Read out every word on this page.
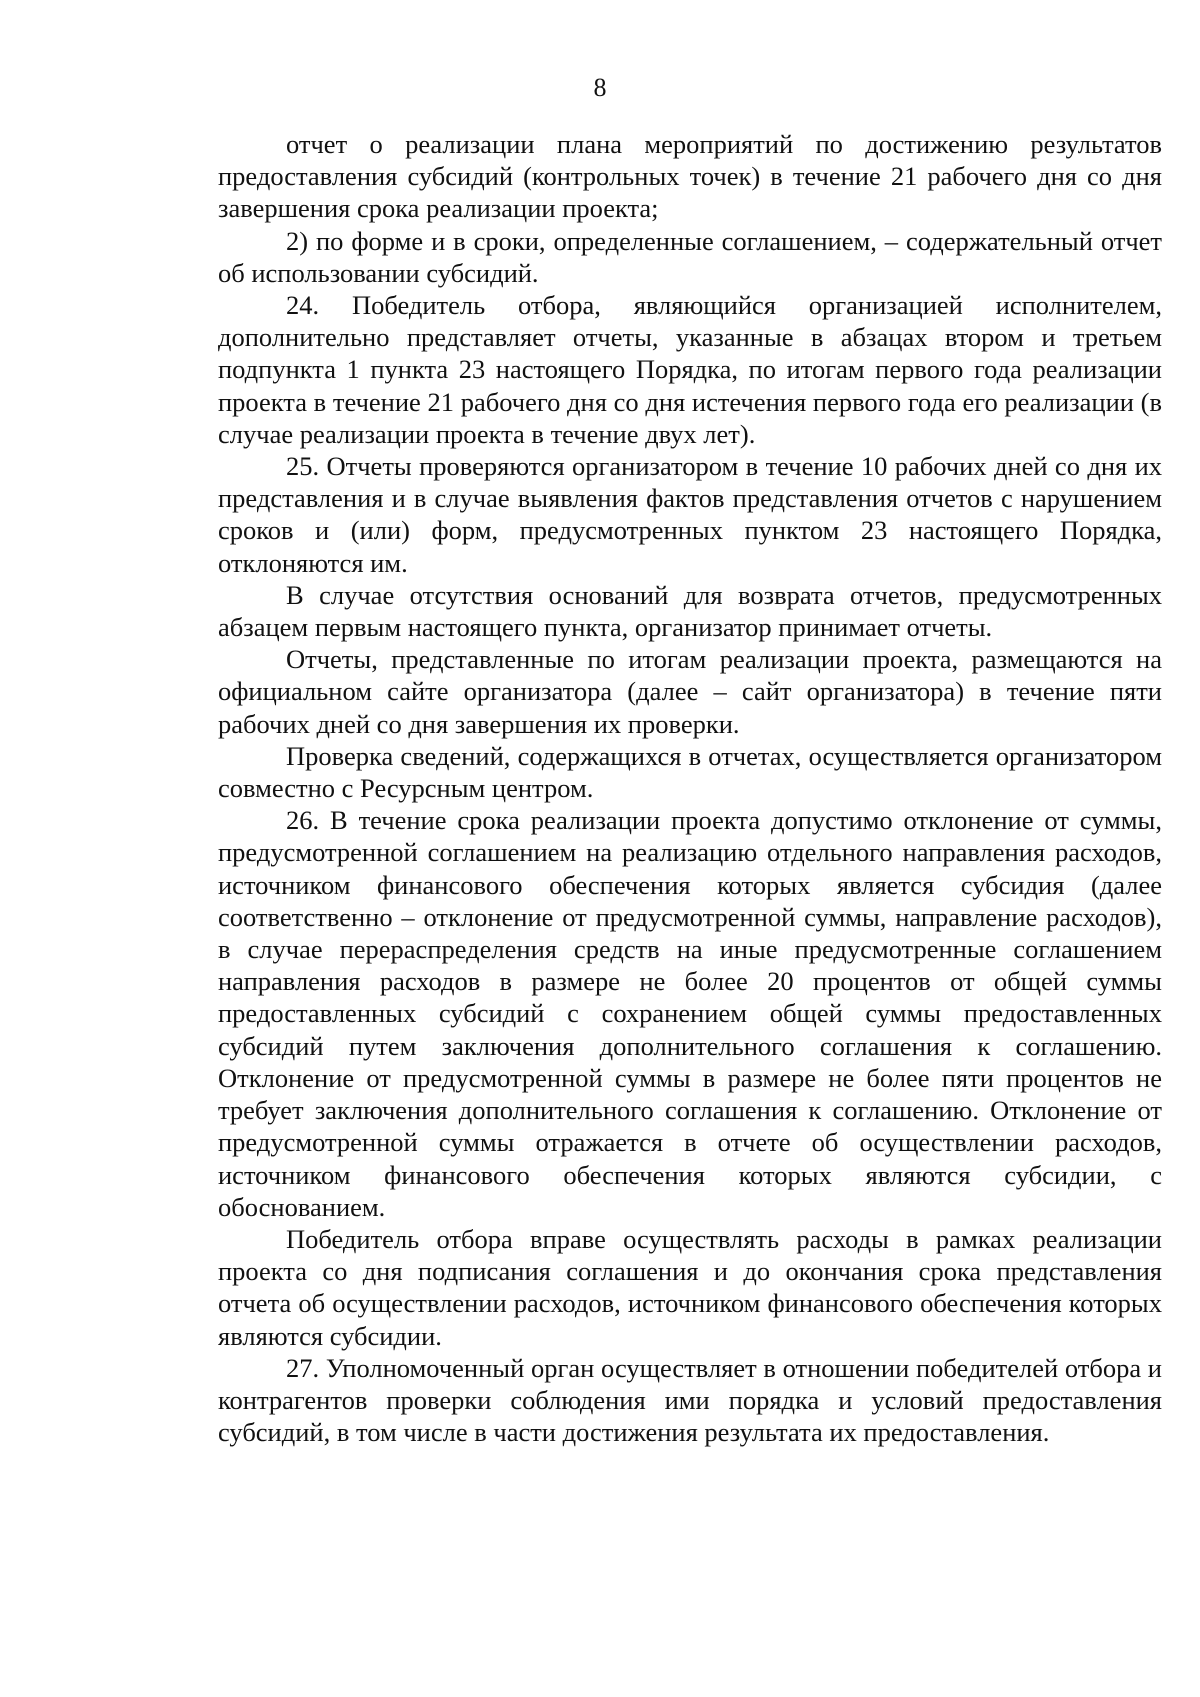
8

отчет о реализации плана мероприятий по достижению результатов предоставления субсидий (контрольных точек) в течение 21 рабочего дня со дня завершения срока реализации проекта;

2) по форме и в сроки, определенные соглашением, – содержательный отчет об использовании субсидий.

24. Победитель отбора, являющийся организацией исполнителем, дополнительно представляет отчеты, указанные в абзацах втором и третьем подпункта 1 пункта 23 настоящего Порядка, по итогам первого года реализации проекта в течение 21 рабочего дня со дня истечения первого года его реализации (в случае реализации проекта в течение двух лет).

25. Отчеты проверяются организатором в течение 10 рабочих дней со дня их представления и в случае выявления фактов представления отчетов с нарушением сроков и (или) форм, предусмотренных пунктом 23 настоящего Порядка, отклоняются им.

В случае отсутствия оснований для возврата отчетов, предусмотренных абзацем первым настоящего пункта, организатор принимает отчеты.

Отчеты, представленные по итогам реализации проекта, размещаются на официальном сайте организатора (далее – сайт организатора) в течение пяти рабочих дней со дня завершения их проверки.

Проверка сведений, содержащихся в отчетах, осуществляется организатором совместно с Ресурсным центром.

26. В течение срока реализации проекта допустимо отклонение от суммы, предусмотренной соглашением на реализацию отдельного направления расходов, источником финансового обеспечения которых является субсидия (далее соответственно – отклонение от предусмотренной суммы, направление расходов), в случае перераспределения средств на иные предусмотренные соглашением направления расходов в размере не более 20 процентов от общей суммы предоставленных субсидий с сохранением общей суммы предоставленных субсидий путем заключения дополнительного соглашения к соглашению. Отклонение от предусмотренной суммы в размере не более пяти процентов не требует заключения дополнительного соглашения к соглашению. Отклонение от предусмотренной суммы отражается в отчете об осуществлении расходов, источником финансового обеспечения которых являются субсидии, с обоснованием.

Победитель отбора вправе осуществлять расходы в рамках реализации проекта со дня подписания соглашения и до окончания срока представления отчета об осуществлении расходов, источником финансового обеспечения которых являются субсидии.

27. Уполномоченный орган осуществляет в отношении победителей отбора и контрагентов проверки соблюдения ими порядка и условий предоставления субсидий, в том числе в части достижения результата их предоставления.
